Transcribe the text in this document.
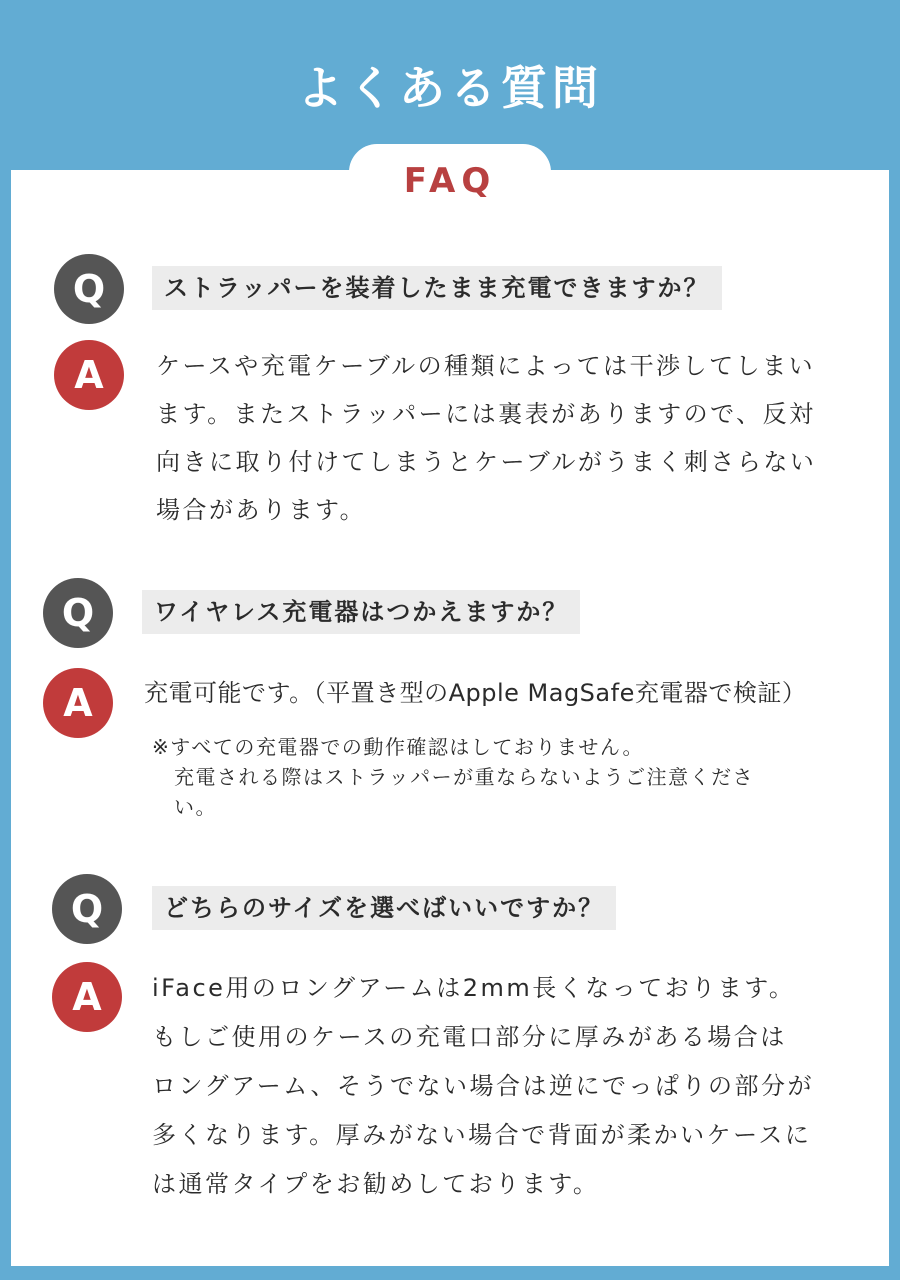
よくある質問
FAQ
Q	ストラッパーを装着したまま充電できますか？
A	ケースや充電ケーブルの種類によっては干渉してしまい
ます。またストラッパーには裏表がありますので、反対
向きに取り付けてしまうとケーブルがうまく刺さらない
場合があります。
Q	ワイヤレス充電器はつかえますか？
A	充電可能です。（平置き型のApple MagSafe充電器で検証）
※すべての充電器での動作確認はしておりません。
充電される際はストラッパーが重ならないようご注意くださ
い。
Q	どちらのサイズを選べばいいですか？
A	iFace用のロングアームは2mm長くなっております。
もしご使用のケースの充電口部分に厚みがある場合は
ロングアーム、そうでない場合は逆にでっぱりの部分が
多くなります。厚みがない場合で背面が柔かいケースに
は通常タイプをお勧めしております。
